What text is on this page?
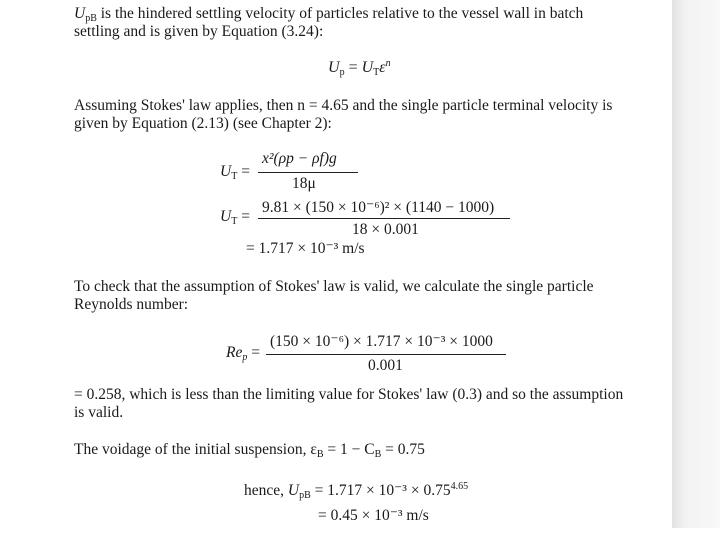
$U_{pB}$ is the hindered settling velocity of particles relative to the vessel wall in batch
settling and is given by Equation (3.24):
$U_p = U_T\varepsilon^n$
Assuming Stokes' law applies, then n = 4.65 and the single particle terminal velocity is
given by Equation (2.13) (see Chapter 2):
$U_T$ =
x²(ρp − ρf)g
18μ
$U_T$ =
9.81 × (150 × 10⁻⁶)² × (1140 − 1000)
18 × 0.001
= 1.717 × 10⁻³ m/s
To check that the assumption of Stokes' law is valid, we calculate the single particle
Reynolds number:
$Re_p$ =
(150 × 10⁻⁶) × 1.717 × 10⁻³ × 1000
0.001
= 0.258, which is less than the limiting value for Stokes' law (0.3) and so the assumption
is valid.
The voidage of the initial suspension, $\varepsilon_B = 1 - C_B = 0.75$
hence, $U_{pB} = 1.717 \times 10^{-3} \times 0.75^{4.65}$
= 0.45 × 10⁻³ m/s
